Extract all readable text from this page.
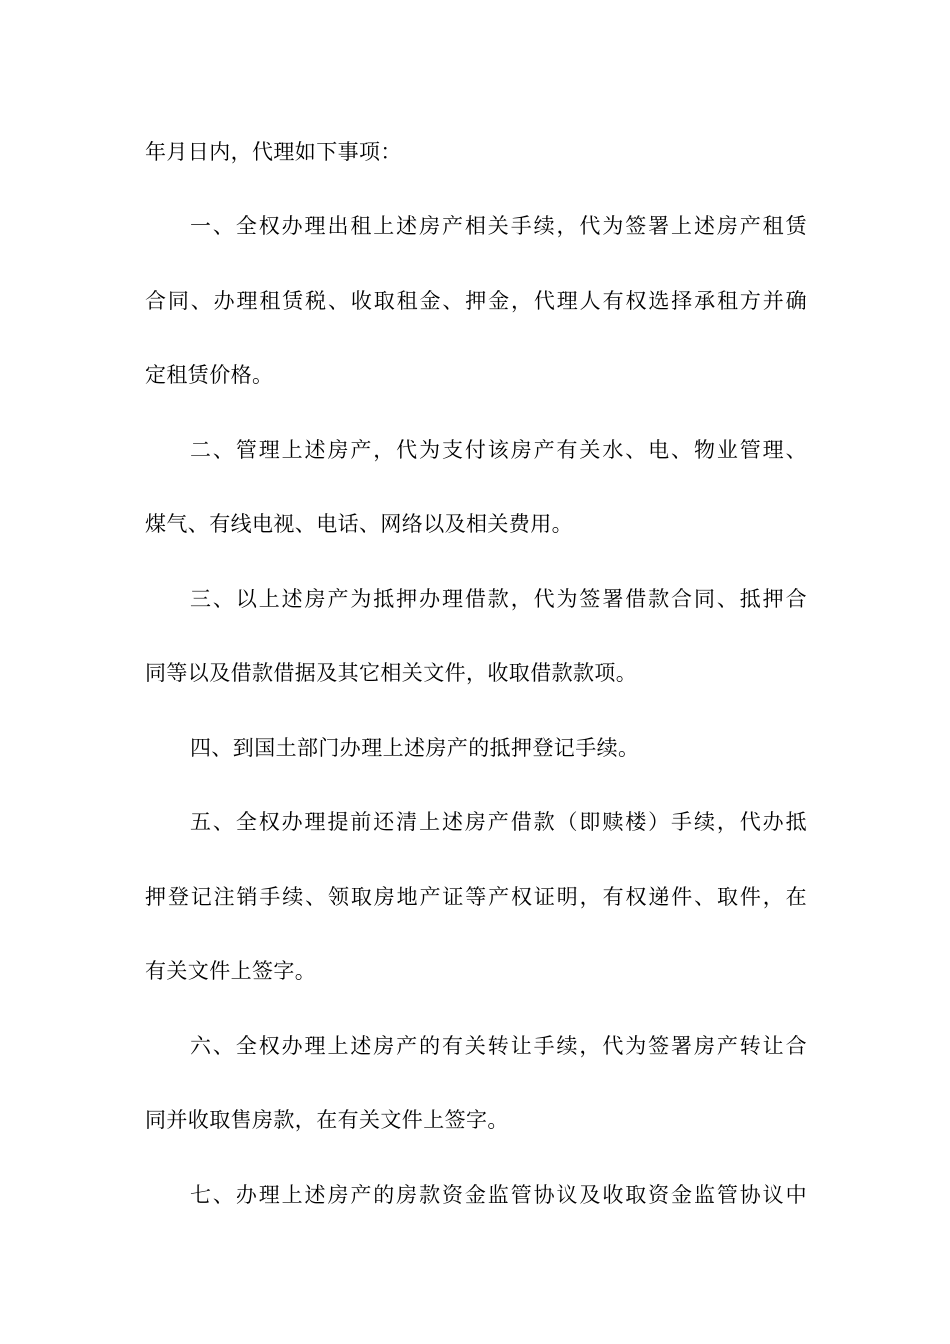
年月日内，代理如下事项：
一、全权办理出租上述房产相关手续，代为签署上述房产租赁
合同、办理租赁税、收取租金、押金，代理人有权选择承租方并确
定租赁价格。
二、管理上述房产，代为支付该房产有关水、电、物业管理、
煤气、有线电视、电话、网络以及相关费用。
三、以上述房产为抵押办理借款，代为签署借款合同、抵押合
同等以及借款借据及其它相关文件，收取借款款项。
四、到国土部门办理上述房产的抵押登记手续。
五、全权办理提前还清上述房产借款（即赎楼）手续，代办抵
押登记注销手续、领取房地产证等产权证明，有权递件、取件，在
有关文件上签字。
六、全权办理上述房产的有关转让手续，代为签署房产转让合
同并收取售房款，在有关文件上签字。
七、办理上述房产的房款资金监管协议及收取资金监管协议中
